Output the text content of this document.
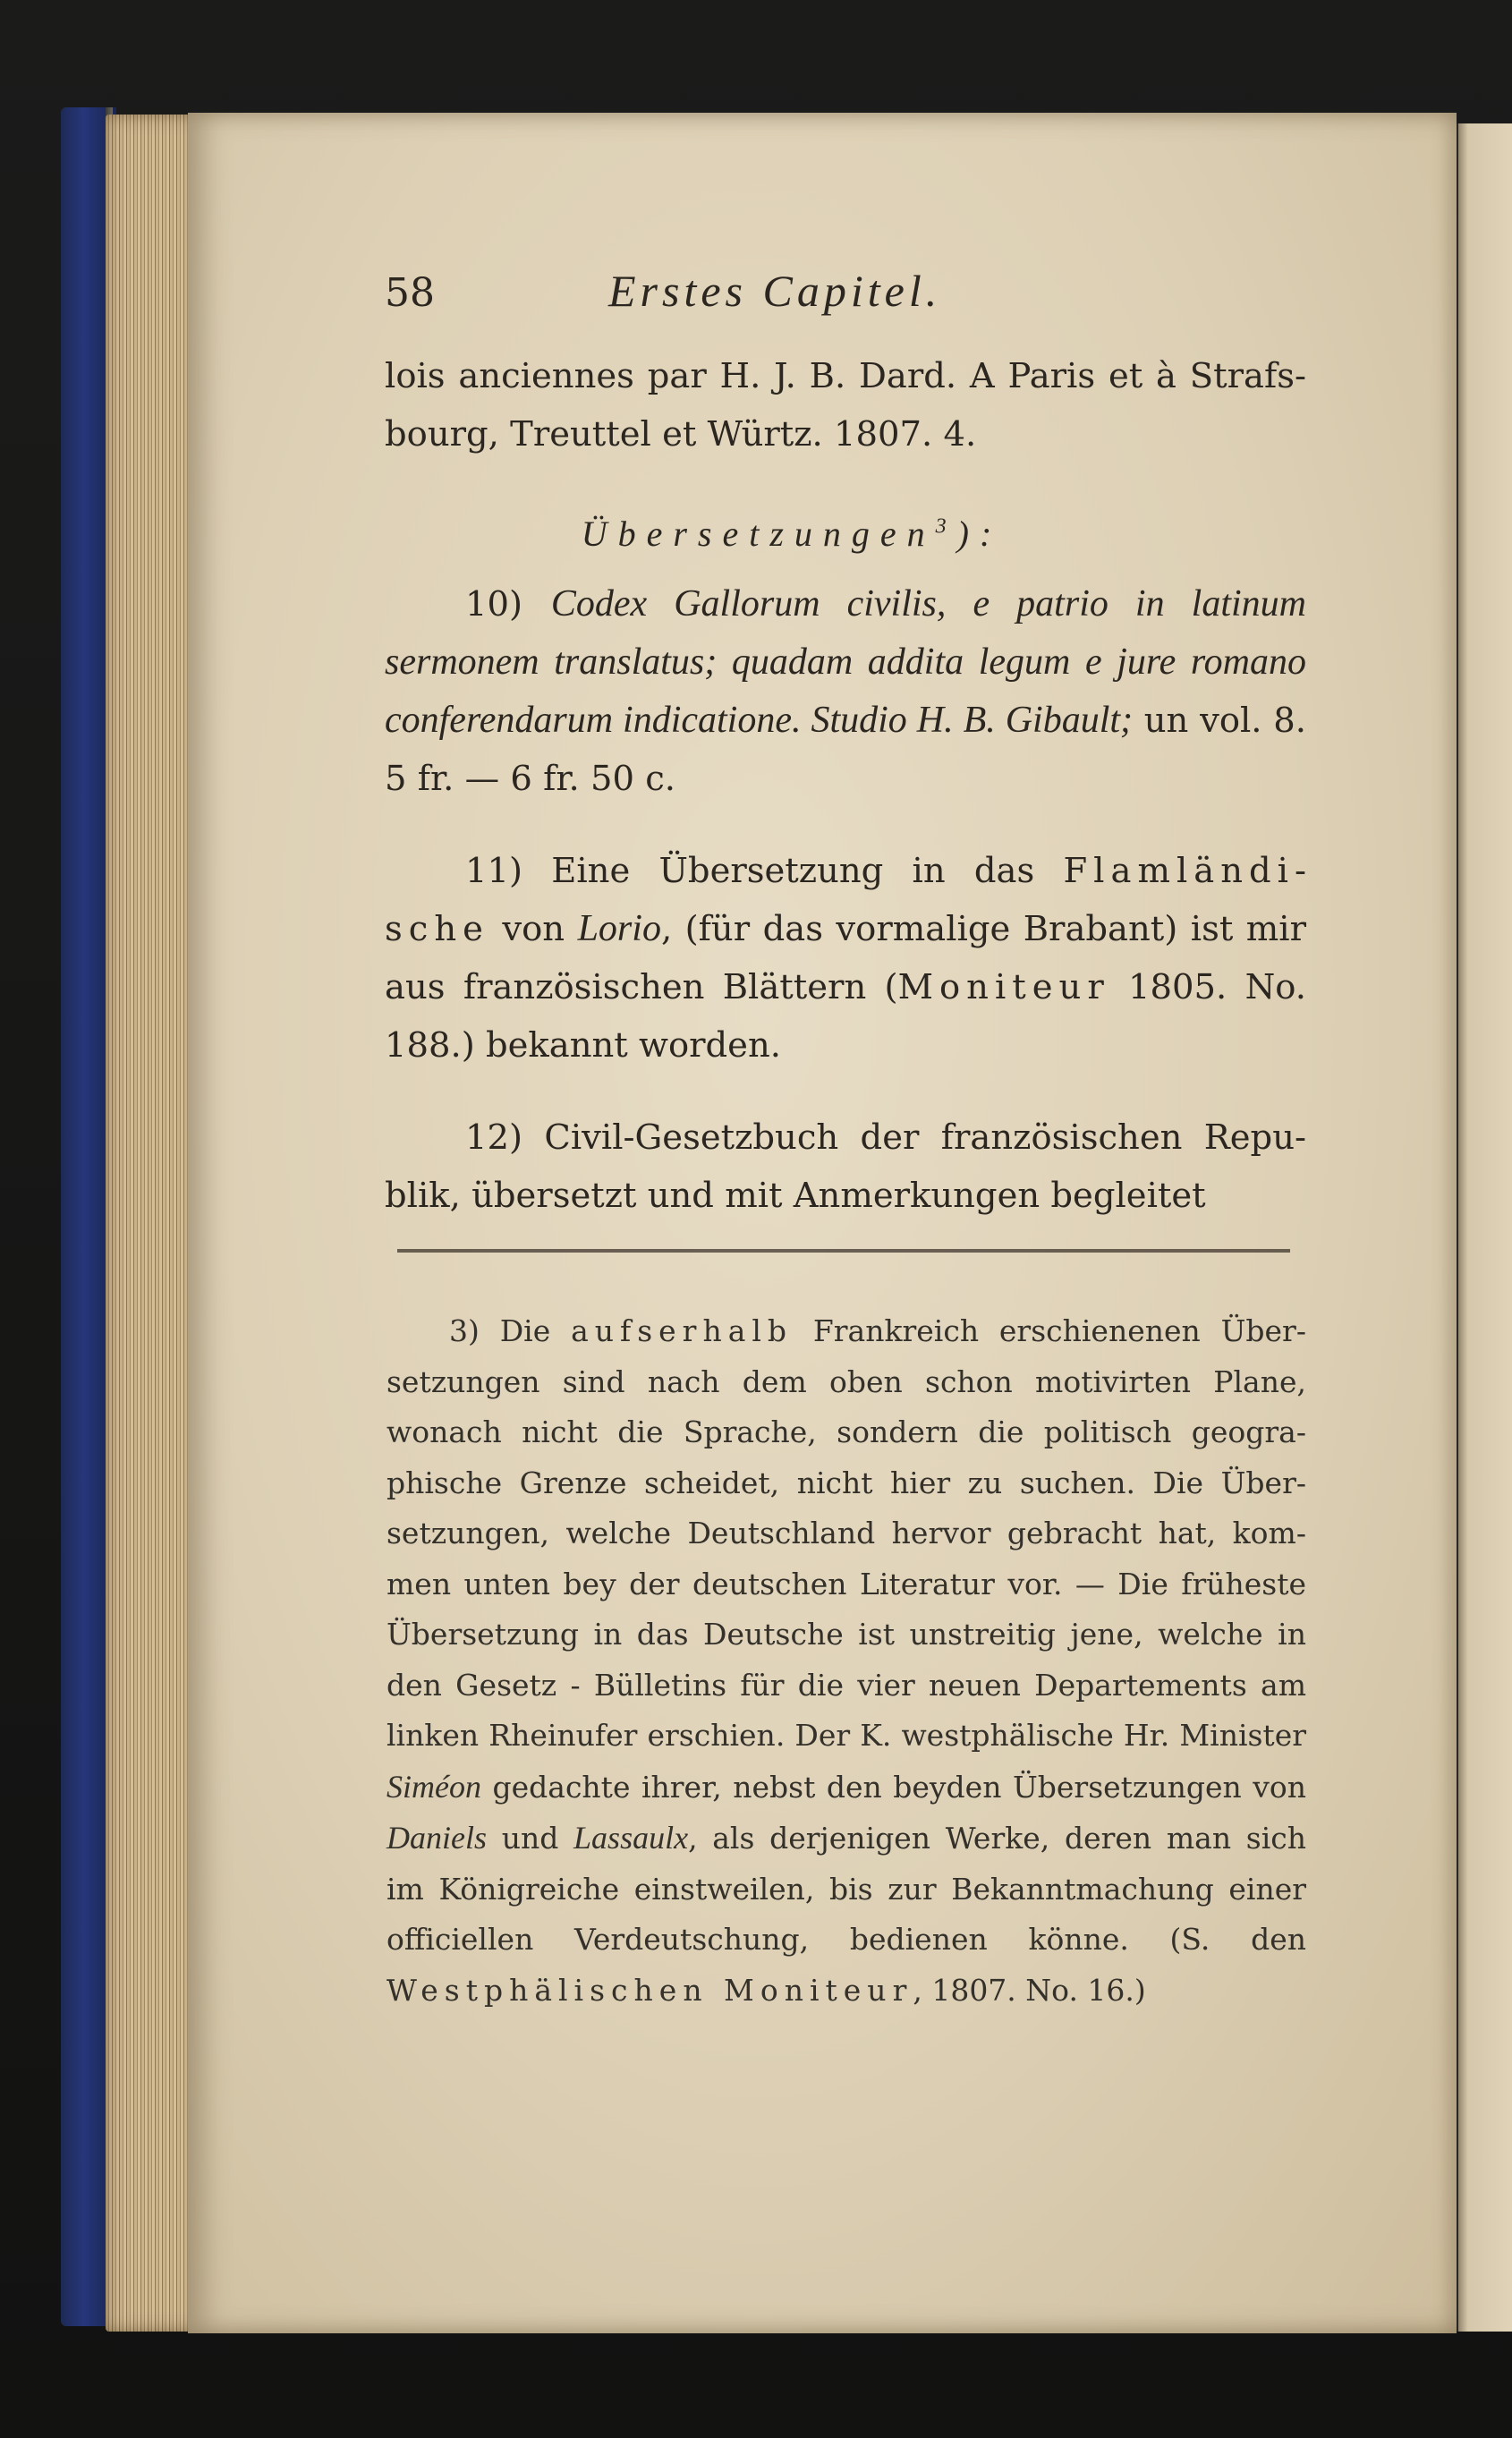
58	Erstes Capitel.

lois anciennes par H. J. B. Dard. A Paris et à Strafsbourg, Treuttel et Würtz. 1807. 4.

Übersetzungen$^3$):

10) Codex Gallorum civilis, e patrio in latinum sermonem translatus; quadam addita legum e jure romano conferendarum indicatione. Studio H. B. Gibault; un vol. 8. 5 fr. — 6 fr. 50 c.

11) Eine Übersetzung in das Flamländische von Lorio, (für das vormalige Brabant) ist mir aus französischen Blättern (Moniteur 1805. No. 188.) bekannt worden.

12) Civil-Gesetzbuch der französischen Republik, übersetzt und mit Anmerkungen begleitet

3) Die aufserhalb Frankreich erschienenen Übersetzungen sind nach dem oben schon motivirten Plane, wonach nicht die Sprache, sondern die politisch geographische Grenze scheidet, nicht hier zu suchen. Die Übersetzungen, welche Deutschland hervor gebracht hat, kommen unten bey der deutschen Literatur vor. — Die früheste Übersetzung in das Deutsche ist unstreitig jene, welche in den Gesetz - Bülletins für die vier neuen Departements am linken Rheinufer erschien. Der K. westphälische Hr. Minister Siméon gedachte ihrer, nebst den beyden Übersetzungen von Daniels und Lassaulx, als derjenigen Werke, deren man sich im Königreiche einstweilen, bis zur Bekanntmachung einer officiellen Verdeutschung, bedienen könne. (S. den Westphälischen Moniteur, 1807. No. 16.)
